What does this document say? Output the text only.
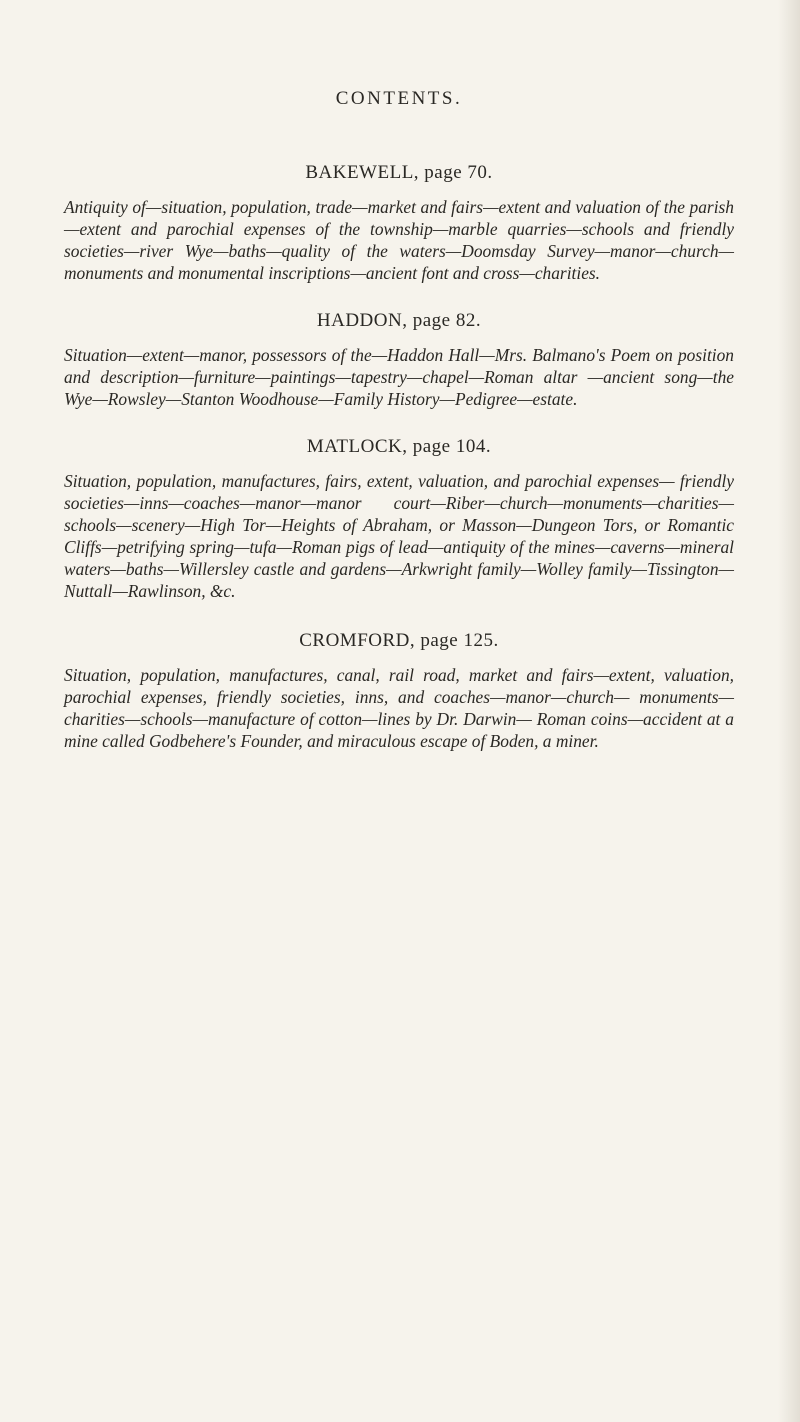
CONTENTS.
BAKEWELL, page 70.

Antiquity of—situation, population, trade—market and fairs—extent and valuation of the parish—extent and parochial expenses of the township—marble quarries—schools and friendly societies—river Wye—baths—quality of the waters—Doomsday Survey—manor—church—monuments and monumental inscriptions—ancient font and cross—charities.

HADDON, page 82.

Situation—extent—manor, possessors of the—Haddon Hall—Mrs. Balmano's Poem on position and description—furniture—paintings—tapestry—chapel—Roman altar —ancient song—the Wye—Rowsley—Stanton Woodhouse—Family History—Pedigree—estate.

MATLOCK, page 104.

Situation, population, manufactures, fairs, extent, valuation, and parochial expenses— friendly societies—inns—coaches—manor—manor court—Riber—church—monuments—charities—schools—scenery—High Tor—Heights of Abraham, or Masson—Dungeon Tors, or Romantic Cliffs—petrifying spring—tufa—Roman pigs of lead—antiquity of the mines—caverns—mineral waters—baths—Willersley castle and gardens—Arkwright family—Wolley family—Tissington—Nuttall—Rawlinson, &c.

CROMFORD, page 125.

Situation, population, manufactures, canal, rail road, market and fairs—extent, valuation, parochial expenses, friendly societies, inns, and coaches—manor—church— monuments—charities—schools—manufacture of cotton—lines by Dr. Darwin— Roman coins—accident at a mine called Godbehere's Founder, and miraculous escape of Boden, a miner.
